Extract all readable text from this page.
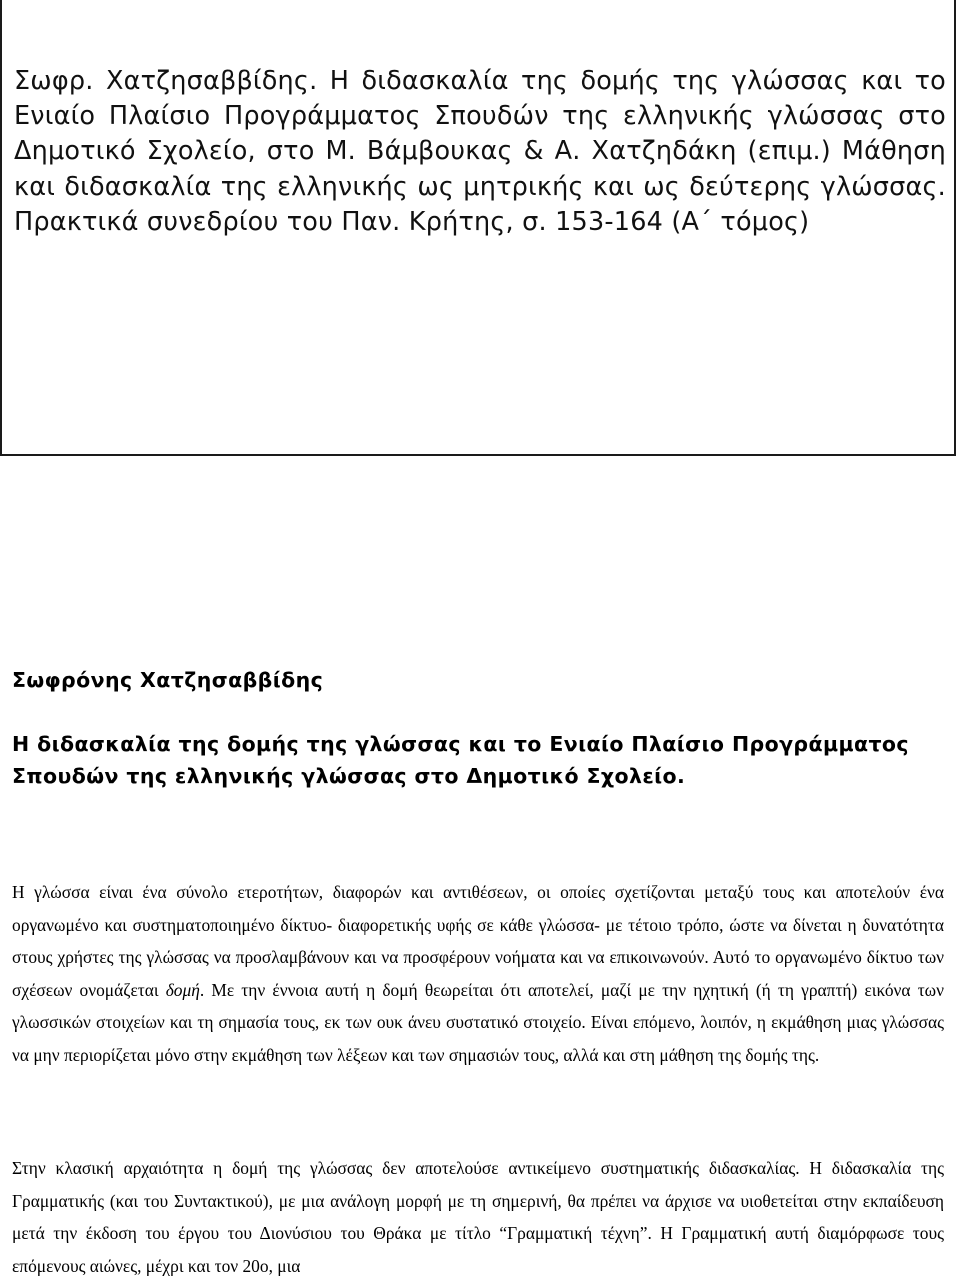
Σωφρ. Χατζησαββίδης. Η διδασκαλία της δομής της γλώσσας και το Ενιαίο Πλαίσιο Προγράμματος Σπουδών της ελληνικής γλώσσας στο Δημοτικό Σχολείο, στο Μ. Βάμβουκας & Α. Χατζηδάκη (επιμ.) Μάθηση και διδασκαλία της ελληνικής ως μητρικής και ως δεύτερης γλώσσας. Πρακτικά συνεδρίου του Παν. Κρήτης, σ. 153-164 (Α΄ τόμος)

Σωφρόνης Χατζησαββίδης
Η διδασκαλία της δομής της γλώσσας και το Ενιαίο Πλαίσιο Προγράμματος Σπουδών της ελληνικής γλώσσας στο Δημοτικό Σχολείο.

Η γλώσσα είναι ένα σύνολο ετεροτήτων, διαφορών και αντιθέσεων, οι οποίες σχετίζονται μεταξύ τους και αποτελούν ένα οργανωμένο και συστηματοποιημένο δίκτυο- διαφορετικής υφής σε κάθε γλώσσα- με τέτοιο τρόπο, ώστε να δίνεται η δυνατότητα στους χρήστες της γλώσσας να προσλαμβάνουν και να προσφέρουν νοήματα και να επικοινωνούν. Αυτό το οργανωμένο δίκτυο των σχέσεων ονομάζεται δομή. Με την έννοια αυτή η δομή θεωρείται ότι αποτελεί, μαζί με την ηχητική (ή τη γραπτή) εικόνα των γλωσσικών στοιχείων και τη σημασία τους, εκ των ουκ άνευ συστατικό στοιχείο. Είναι επόμενο, λοιπόν, η εκμάθηση μιας γλώσσας να μην περιορίζεται μόνο στην εκμάθηση των λέξεων και των σημασιών τους, αλλά και στη μάθηση της δομής της.

Στην κλασική αρχαιότητα η δομή της γλώσσας δεν αποτελούσε αντικείμενο συστηματικής διδασκαλίας. Η διδασκαλία της Γραμματικής (και του Συντακτικού), με μια ανάλογη μορφή με τη σημερινή, θα πρέπει να άρχισε να υιοθετείται στην εκπαίδευση μετά την έκδοση του έργου του Διονύσιου του Θράκα με τίτλο “Γραμματική τέχνη”. Η Γραμματική αυτή διαμόρφωσε τους επόμενους αιώνες, μέχρι και τον 20ο, μια
